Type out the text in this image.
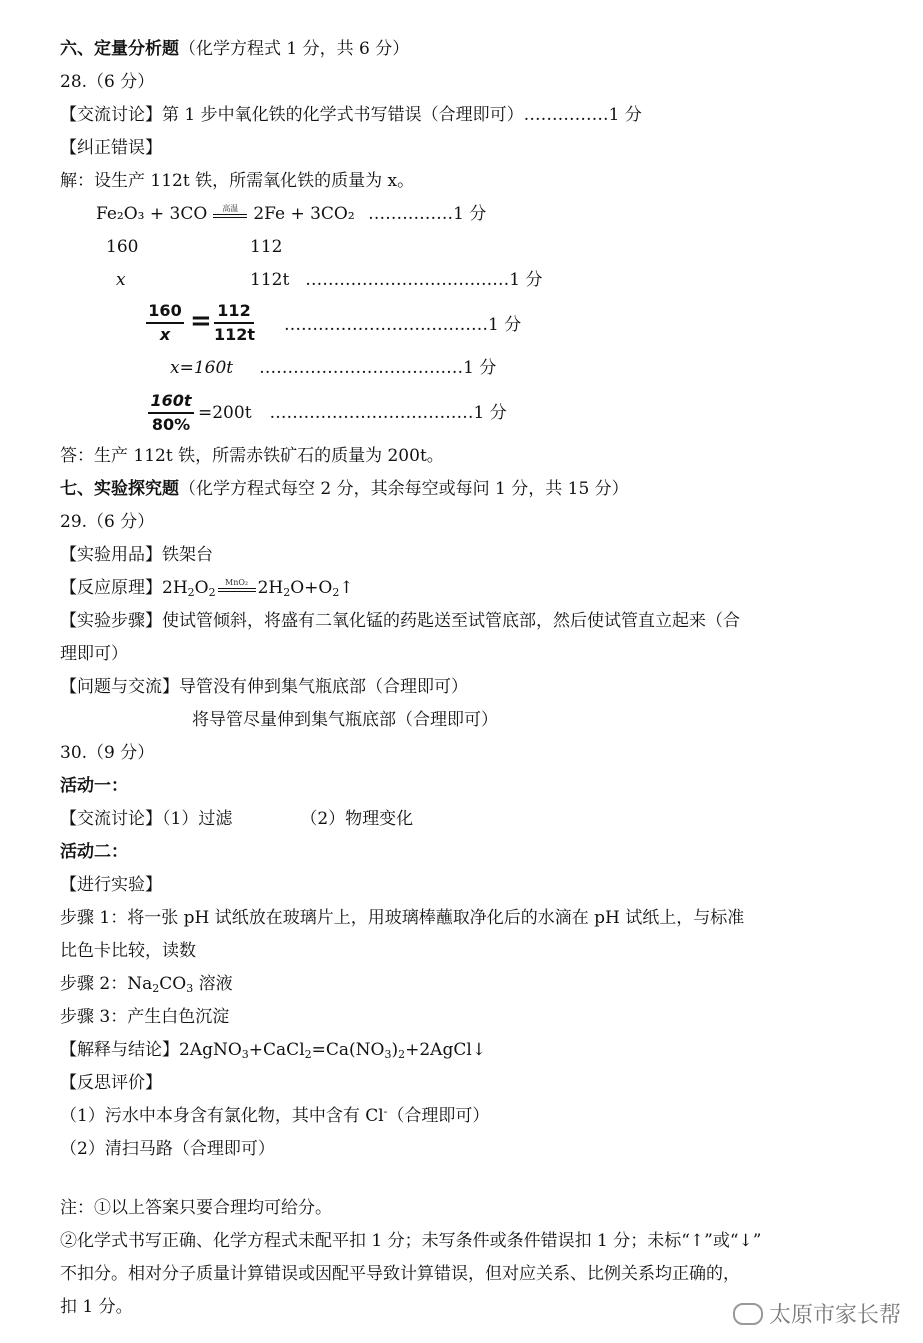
六、定量分析题（化学方程式 1 分，共 6 分）
28.（6 分）
【交流讨论】第 1 步中氧化铁的化学式书写错误（合理即可）……………1 分
【纠正错误】
解：设生产 112t 铁，所需氧化铁的质量为 x。
Fe₂O₃ + 3CO	高温 2Fe + 3CO₂ ……………1 分
160	112
x	112t ………………………………1 分
$\frac{160}{x} = \frac{112}{112t}$ ………………………………1 分
x=160t ………………………………1 分
$\frac{160t}{80\%} =200t$ ………………………………1 分
答：生产 112t 铁，所需赤铁矿石的质量为 200t。
七、实验探究题（化学方程式每空 2 分，其余每空或每问 1 分，共 15 分）
29.（6 分）
【实验用品】铁架台
【反应原理】$2H_2O_2$
MnO₂ $2H_2O+O_2↑$
【实验步骤】使试管倾斜，将盛有二氧化锰的药匙送至试管底部，然后使试管直立起来（合
理即可）
【问题与交流】导管没有伸到集气瓶底部（合理即可）
将导管尽量伸到集气瓶底部（合理即可）
30.（9 分）
活动一：
【交流讨论】（1）过滤	（2）物理变化
活动二：
【进行实验】
步骤 1：将一张 pH 试纸放在玻璃片上，用玻璃棒蘸取净化后的水滴在 pH 试纸上，与标准
比色卡比较，读数
步骤 2：$Na_2CO_3$ 溶液
步骤 3：产生白色沉淀
【解释与结论】$2AgNO_3+CaCl_2=Ca(NO_3)_2+2AgCl↓$
【反思评价】
（1）污水中本身含有氯化物，其中含有 Cl-（合理即可）
（2）清扫马路（合理即可）
注：①以上答案只要合理均可给分。
②化学式书写正确、化学方程式未配平扣 1 分；未写条件或条件错误扣 1 分；未标“↑”或“↓”
不扣分。相对分子质量计算错误或因配平导致计算错误，但对应关系、比例关系均正确的，
扣 1 分。	太原市家长帮
